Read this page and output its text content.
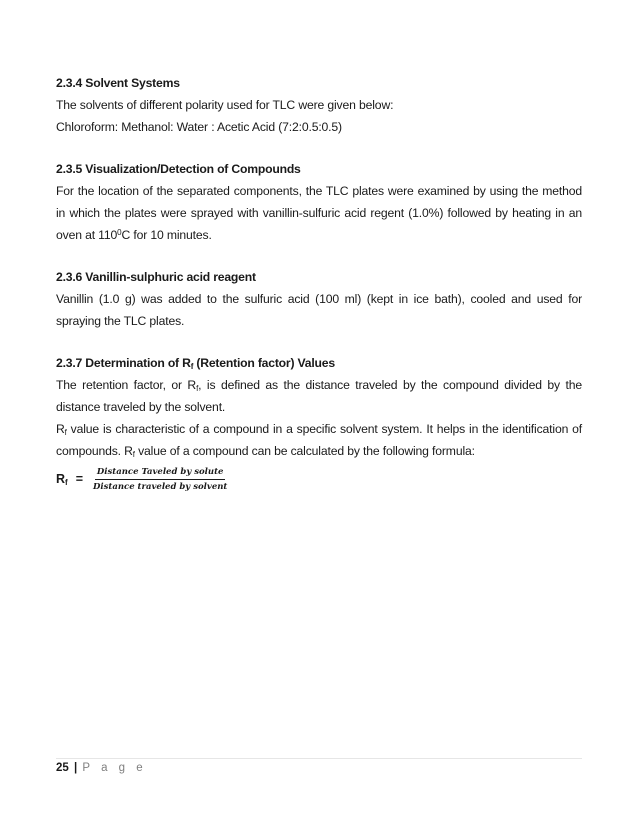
2.3.4 Solvent Systems

The solvents of different polarity used for TLC were given below:

Chloroform: Methanol: Water : Acetic Acid (7:2:0.5:0.5)

2.3.5 Visualization/Detection of Compounds

For the location of the separated components, the TLC plates were examined by using the method in which the plates were sprayed with vanillin-sulfuric acid regent (1.0%) followed by heating in an oven at $110^0C$ for 10 minutes.

2.3.6 Vanillin-sulphuric acid reagent

Vanillin (1.0 g) was added to the sulfuric acid (100 ml) (kept in ice bath), cooled and used for spraying the TLC plates.

2.3.7 Determination of $R_f$ (Retention factor) Values

The retention factor, or $R_f$, is defined as the distance traveled by the compound divided by the distance traveled by the solvent.

$R_f$ value is characteristic of a compound in a specific solvent system. It helps in the identification of compounds. $R_f$ value of a compound can be calculated by the following formula:

$R_f = \frac{\text{Distance Taveled by solute}}{\text{Distance traveled by solvent}}$
25 | P a g e
